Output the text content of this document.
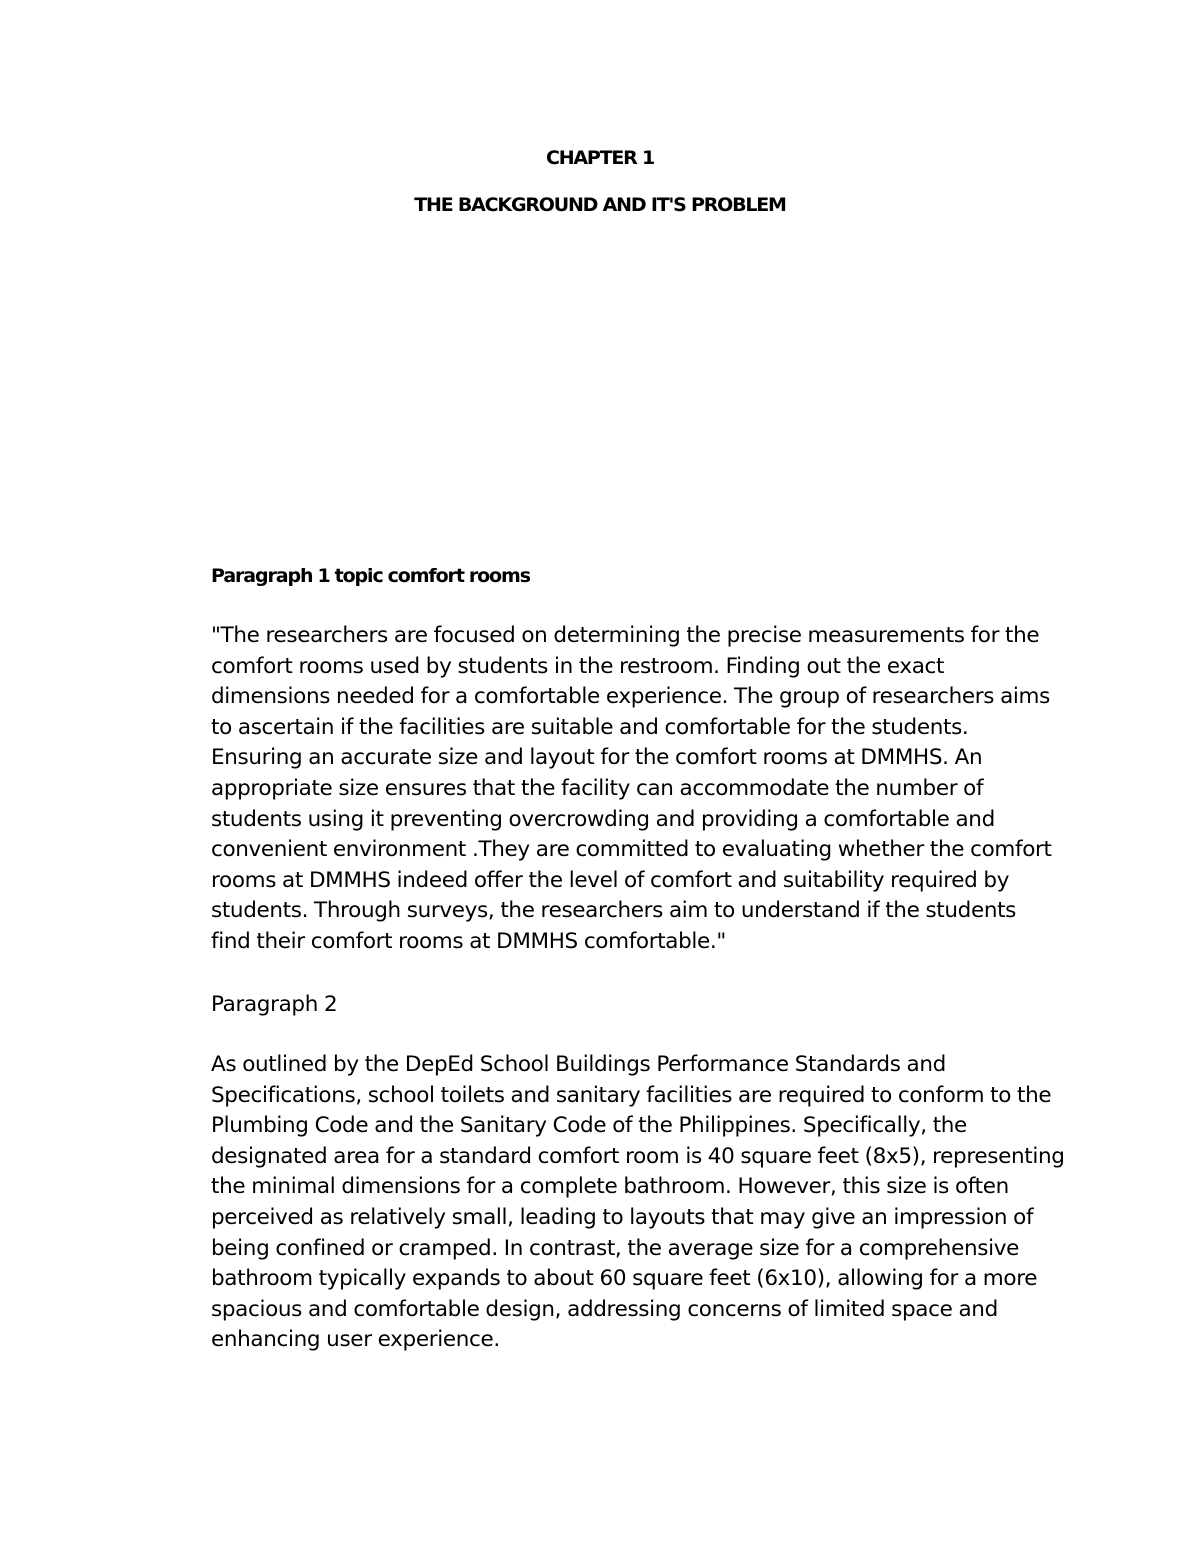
CHAPTER 1
THE BACKGROUND AND IT'S PROBLEM
Paragraph 1 topic comfort rooms
"The researchers are focused on determining the precise measurements for the comfort rooms used by students in the restroom. Finding out the exact dimensions needed for a comfortable experience. The group of researchers aims to ascertain if the facilities are suitable and comfortable for the students. Ensuring an accurate size and layout for the comfort rooms at DMMHS. An appropriate size ensures that the facility can accommodate the number of students using it preventing overcrowding and providing a comfortable and convenient environment .They are committed to evaluating whether the comfort rooms at DMMHS indeed offer the level of comfort and suitability required by students. Through surveys, the researchers aim to understand if the students find their comfort rooms at DMMHS comfortable."
Paragraph 2
As outlined by the DepEd School Buildings Performance Standards and Specifications, school toilets and sanitary facilities are required to conform to the Plumbing Code and the Sanitary Code of the Philippines. Specifically, the designated area for a standard comfort room is 40 square feet (8x5), representing the minimal dimensions for a complete bathroom. However, this size is often perceived as relatively small, leading to layouts that may give an impression of being confined or cramped. In contrast, the average size for a comprehensive bathroom typically expands to about 60 square feet (6x10), allowing for a more spacious and comfortable design, addressing concerns of limited space and enhancing user experience.
